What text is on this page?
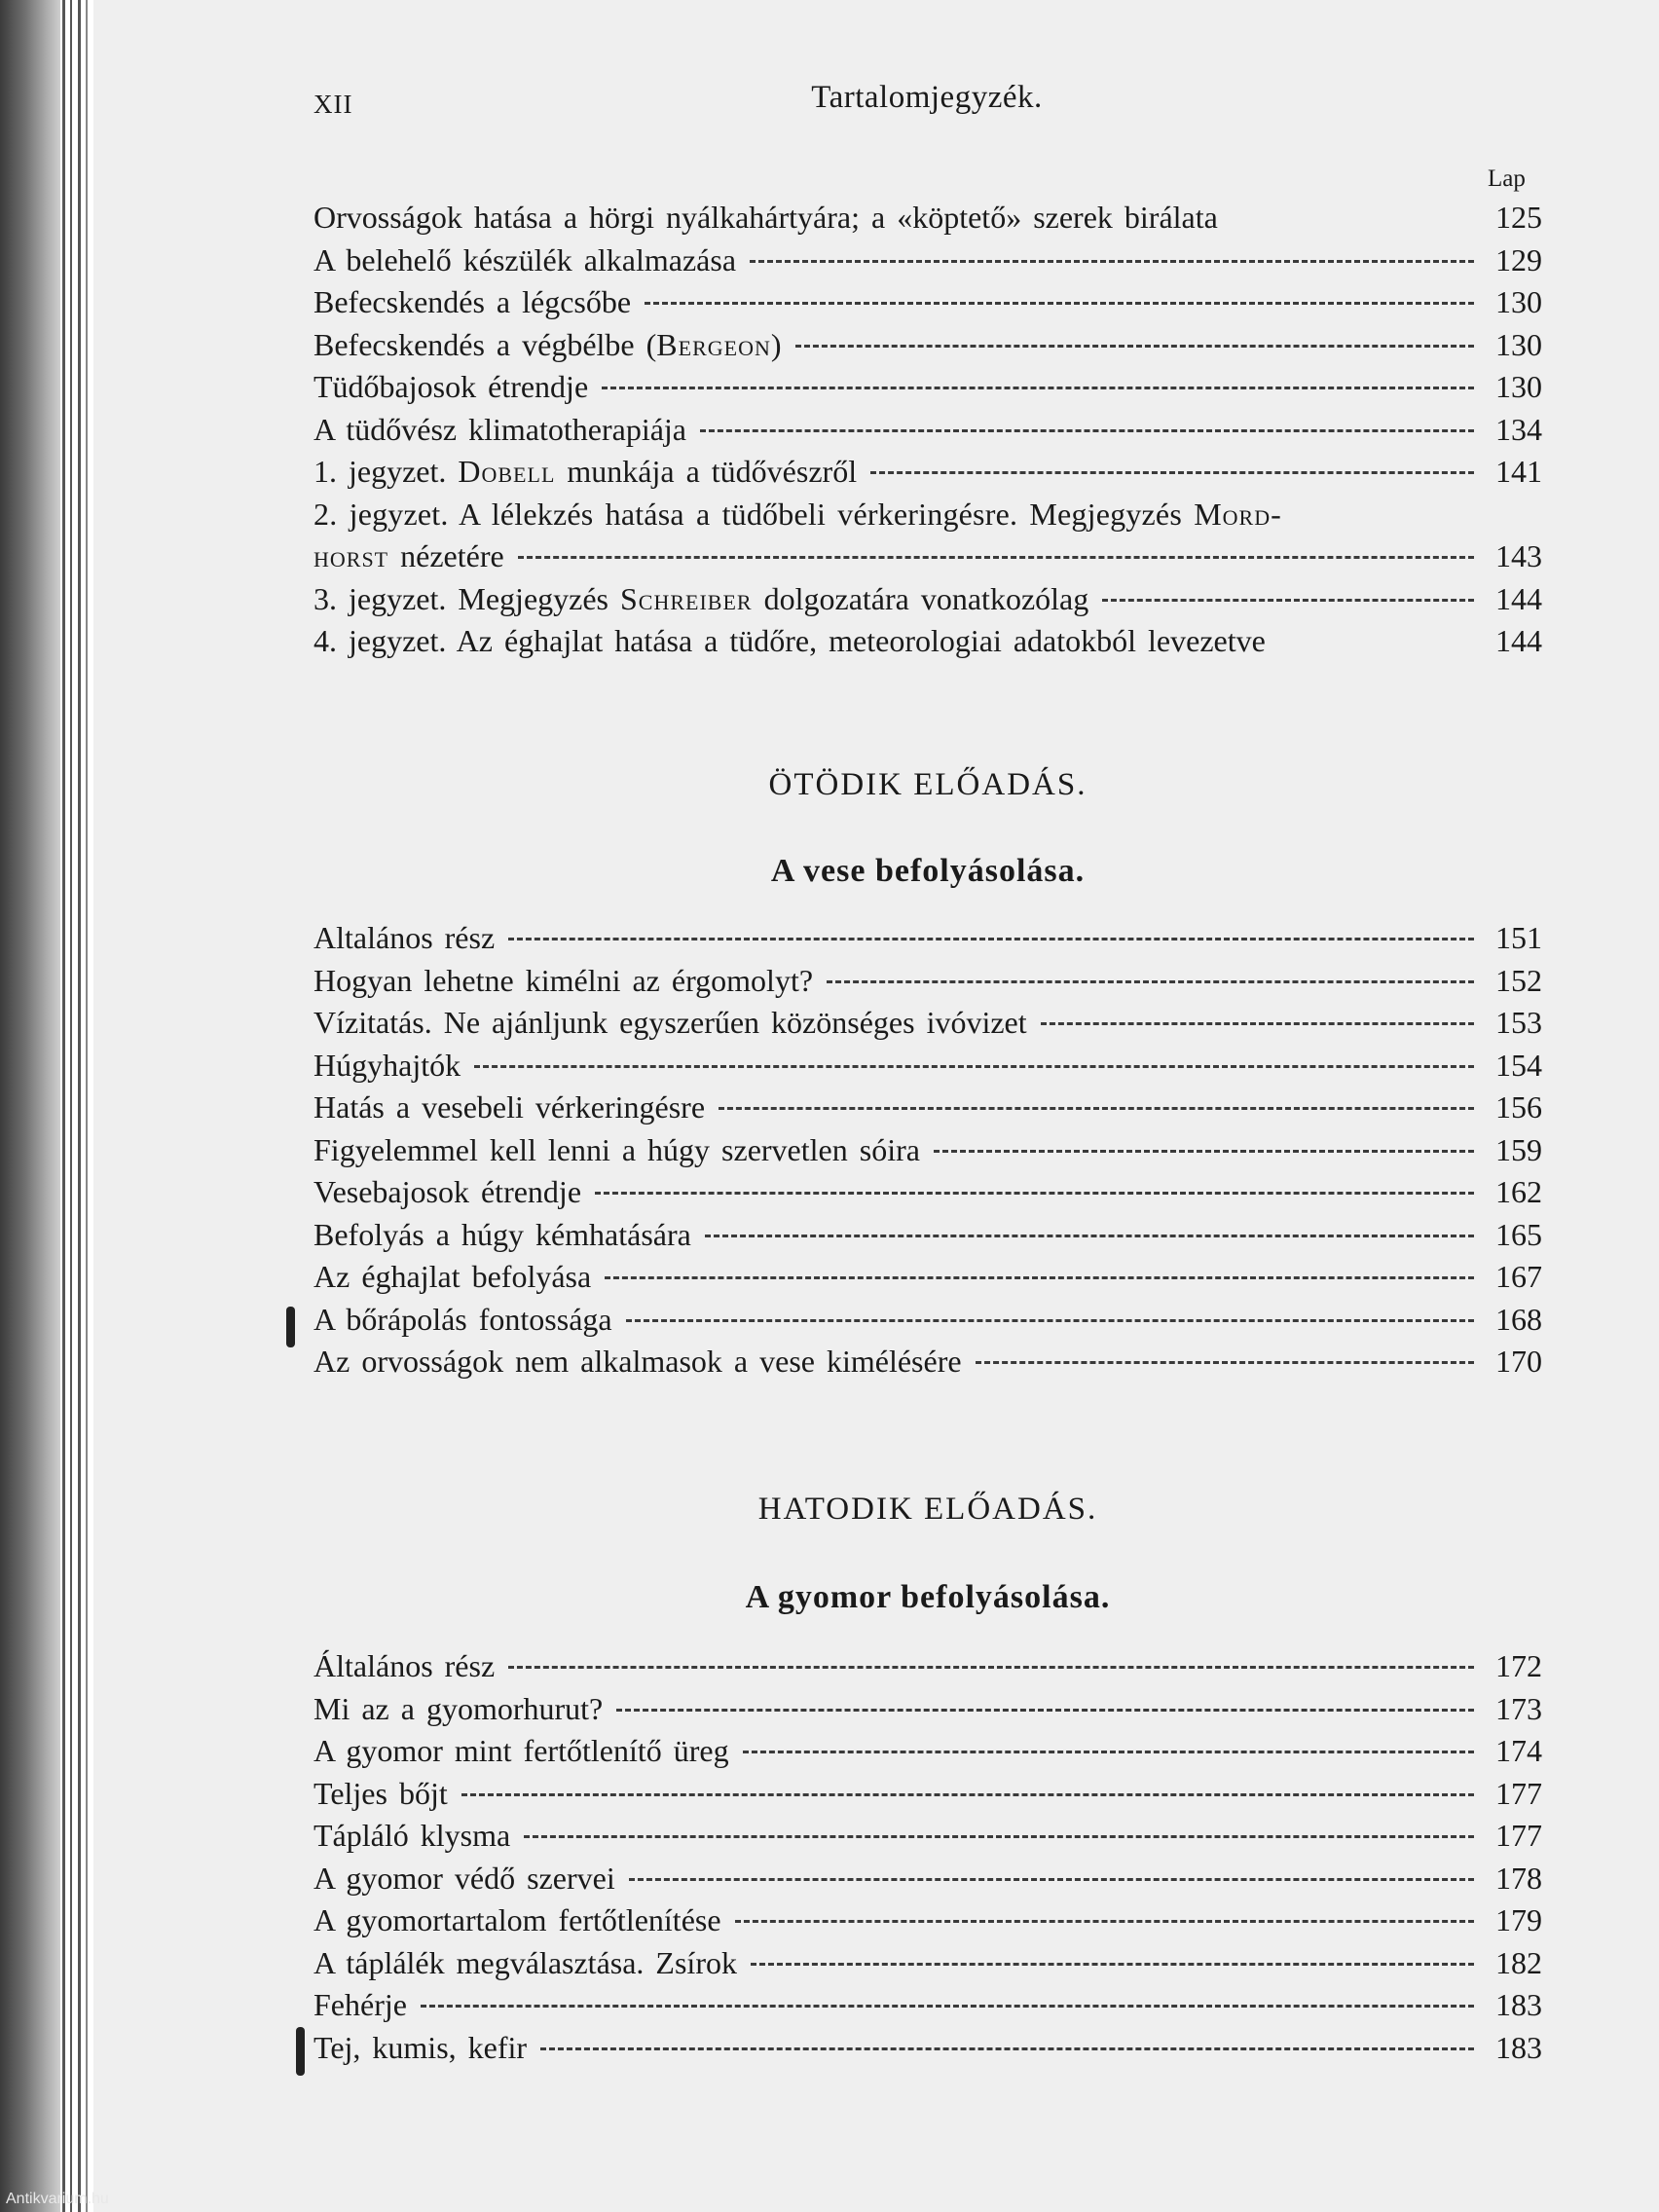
XII	Tartalomjegyzék.
Lap
Orvosságok hatása a hörgi nyálkahártyára; a «köptető» szerek birálata	125
A belehelő készülék alkalmazása	129
Befecskendés a légcsőbe	130
Befecskendés a végbélbe (Bergeon)	130
Tüdőbajosok étrendje	130
A tüdővész klimatotherapiája	134
1. jegyzet. Dobell munkája a tüdővészről	141
2. jegyzet. A lélekzés hatása a tüdőbeli vérkeringésre. Megjegyzés Mord-
horst nézetére	143
3. jegyzet. Megjegyzés Schreiber dolgozatára vonatkozólag	144
4. jegyzet. Az éghajlat hatása a tüdőre, meteorologiai adatokból levezetve	144
ÖTÖDIK ELŐADÁS.
A vese befolyásolása.
Altalános rész	151
Hogyan lehetne kimélni az érgomolyt?	152
Vízitatás. Ne ajánljunk egyszerűen közönséges ivóvizet	153
Húgyhajtók	154
Hatás a vesebeli vérkeringésre	156
Figyelemmel kell lenni a húgy szervetlen sóira	159
Vesebajosok étrendje	162
Befolyás a húgy kémhatására	165
Az éghajlat befolyása	167
A bőrápolás fontossága	168
Az orvosságok nem alkalmasok a vese kimélésére	170
HATODIK ELŐADÁS.
A gyomor befolyásolása.
Általános rész	172
Mi az a gyomorhurut?	173
A gyomor mint fertőtlenítő üreg	174
Teljes bőjt	177
Tápláló klysma	177
A gyomor védő szervei	178
A gyomortartalom fertőtlenítése	179
A táplálék megválasztása. Zsírok	182
Fehérje	183
Tej, kumis, kefir	183
Antikvarium.hu
